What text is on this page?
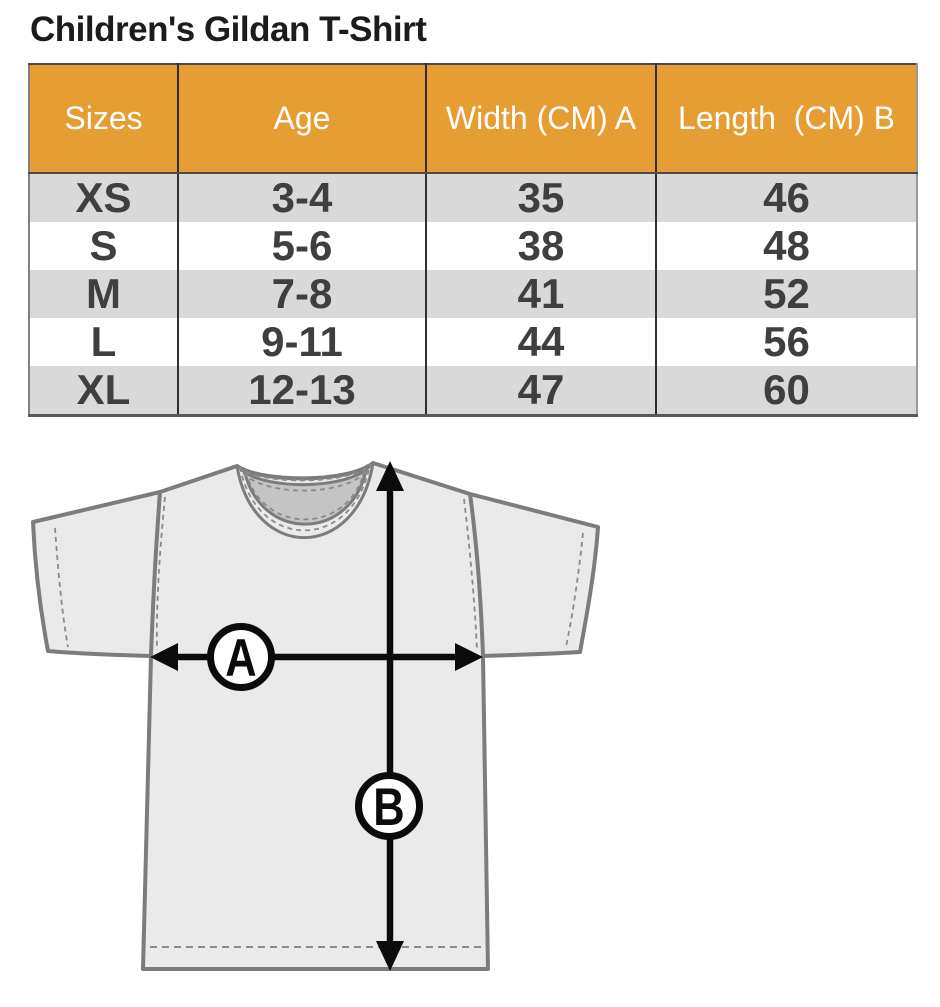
Children's Gildan T-Shirt
Sizes	Age	Width (CM) A	Length  (CM) B
XS	3-4	35	46
S	5-6	38	48
M	7-8	41	52
L	9-11	44	56
XL	12-13	47	60
A
B
